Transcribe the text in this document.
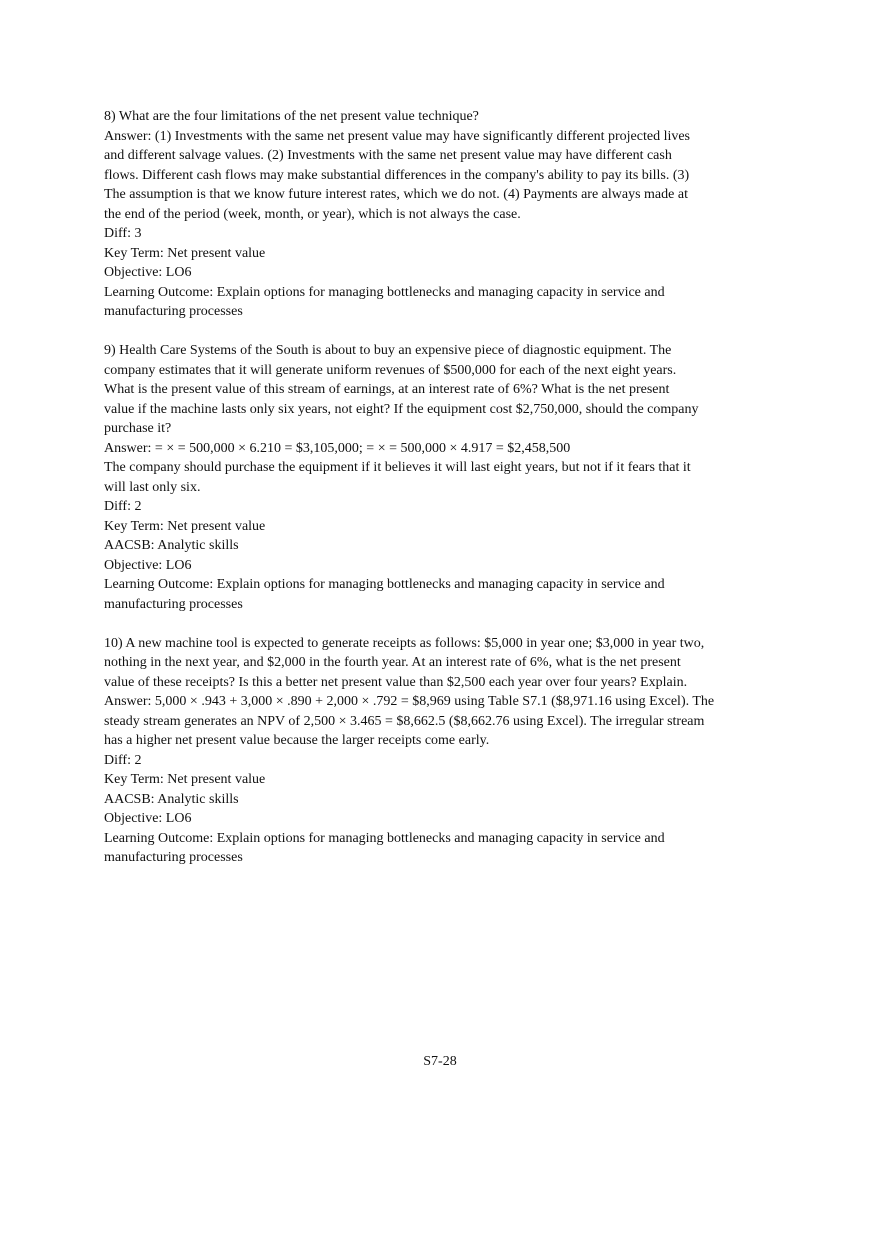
8) What are the four limitations of the net present value technique?
Answer: (1) Investments with the same net present value may have significantly different projected lives
and different salvage values. (2) Investments with the same net present value may have different cash
flows. Different cash flows may make substantial differences in the company's ability to pay its bills. (3)
The assumption is that we know future interest rates, which we do not. (4) Payments are always made at
the end of the period (week, month, or year), which is not always the case.
Diff: 3
Key Term: Net present value
Objective: LO6
Learning Outcome: Explain options for managing bottlenecks and managing capacity in service and
manufacturing processes
9) Health Care Systems of the South is about to buy an expensive piece of diagnostic equipment. The
company estimates that it will generate uniform revenues of $500,000 for each of the next eight years.
What is the present value of this stream of earnings, at an interest rate of 6%? What is the net present
value if the machine lasts only six years, not eight? If the equipment cost $2,750,000, should the company
purchase it?
Answer: = × = 500,000 × 6.210 = $3,105,000; = × = 500,000 × 4.917 = $2,458,500
The company should purchase the equipment if it believes it will last eight years, but not if it fears that it
will last only six.
Diff: 2
Key Term: Net present value
AACSB: Analytic skills
Objective: LO6
Learning Outcome: Explain options for managing bottlenecks and managing capacity in service and
manufacturing processes
10) A new machine tool is expected to generate receipts as follows: $5,000 in year one; $3,000 in year two,
nothing in the next year, and $2,000 in the fourth year. At an interest rate of 6%, what is the net present
value of these receipts? Is this a better net present value than $2,500 each year over four years? Explain.
Answer: 5,000 × .943 + 3,000 × .890 + 2,000 × .792 = $8,969 using Table S7.1 ($8,971.16 using Excel). The
steady stream generates an NPV of 2,500 × 3.465 = $8,662.5 ($8,662.76 using Excel). The irregular stream
has a higher net present value because the larger receipts come early.
Diff: 2
Key Term: Net present value
AACSB: Analytic skills
Objective: LO6
Learning Outcome: Explain options for managing bottlenecks and managing capacity in service and
manufacturing processes
S7-28
